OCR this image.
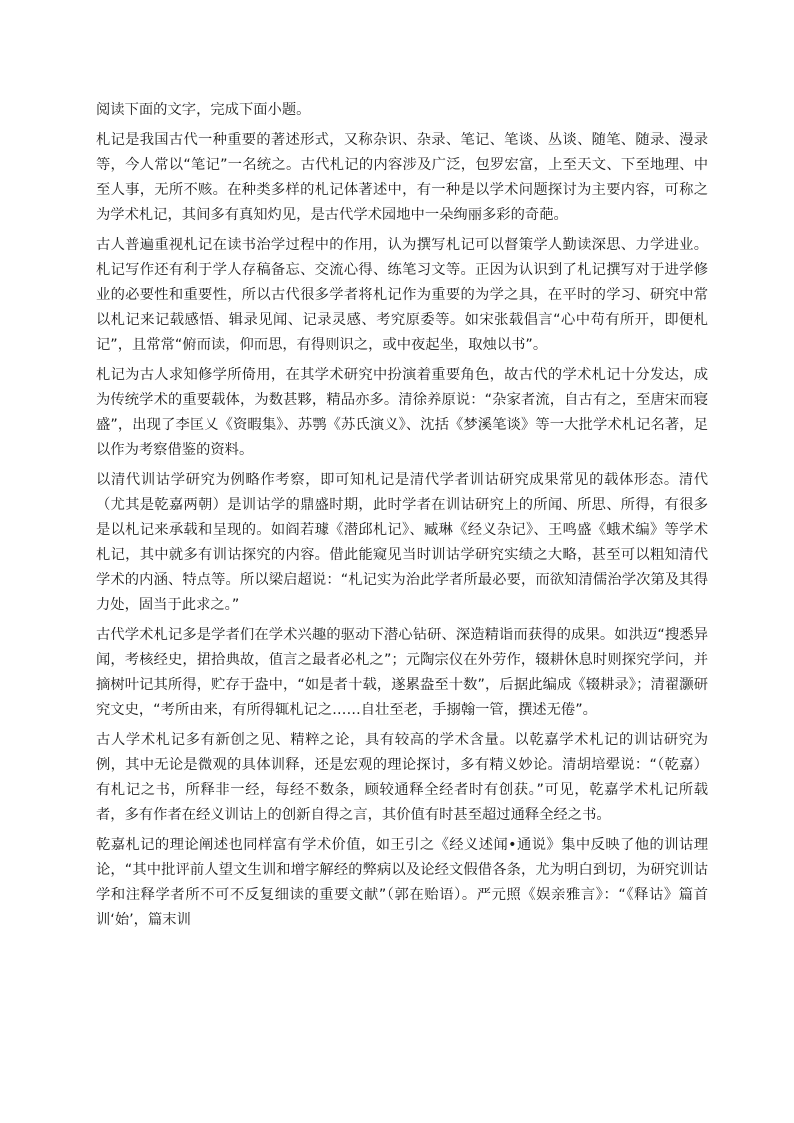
阅读下面的文字，完成下面小题。

札记是我国古代一种重要的著述形式，又称杂识、杂录、笔记、笔谈、丛谈、随笔、随录、漫录等，今人常以“笔记”一名统之。古代札记的内容涉及广泛，包罗宏富，上至天文、下至地理、中至人事，无所不赅。在种类多样的札记体著述中，有一种是以学术问题探讨为主要内容，可称之为学术札记，其间多有真知灼见，是古代学术园地中一朵绚丽多彩的奇葩。

古人普遍重视札记在读书治学过程中的作用，认为撰写札记可以督策学人勤读深思、力学进业。札记写作还有利于学人存稿备忘、交流心得、练笔习文等。正因为认识到了札记撰写对于进学修业的必要性和重要性，所以古代很多学者将札记作为重要的为学之具，在平时的学习、研究中常以札记来记载感悟、辑录见闻、记录灵感、考究原委等。如宋张载倡言“心中苟有所开，即便札记”，且常常“俯而读，仰而思，有得则识之，或中夜起坐，取烛以书”。

札记为古人求知修学所倚用，在其学术研究中扮演着重要角色，故古代的学术札记十分发达，成为传统学术的重要载体，为数甚夥，精品亦多。清徐养原说：“杂家者流，自古有之，至唐宋而寝盛”，出现了李匡乂《资暇集》、苏鹗《苏氏演义》、沈括《梦溪笔谈》等一大批学术札记名著，足以作为考察借鉴的资料。

以清代训诂学研究为例略作考察，即可知札记是清代学者训诂研究成果常见的载体形态。清代（尤其是乾嘉两朝）是训诂学的鼎盛时期，此时学者在训诂研究上的所闻、所思、所得，有很多是以札记来承载和呈现的。如阎若璩《潜邱札记》、臧琳《经义杂记》、王鸣盛《蛾术编》等学术札记，其中就多有训诂探究的内容。借此能窥见当时训诂学研究实绩之大略，甚至可以粗知清代学术的内涵、特点等。所以梁启超说：“札记实为治此学者所最必要，而欲知清儒治学次第及其得力处，固当于此求之。”

古代学术札记多是学者们在学术兴趣的驱动下潜心钻研、深造精诣而获得的成果。如洪迈“搜悉异闻，考核经史，捃拾典故，值言之最者必札之”；元陶宗仪在外劳作，辍耕休息时则探究学问，并摘树叶记其所得，贮存于盎中，“如是者十载，遂累盎至十数”，后据此编成《辍耕录》；清翟灏研究文史，“考所由来，有所得辄札记之……自壮至老，手搦翰一管，撰述无倦”。

古人学术札记多有新创之见、精粹之论，具有较高的学术含量。以乾嘉学术札记的训诂研究为例，其中无论是微观的具体训释，还是宏观的理论探讨，多有精义妙论。清胡培翚说：“（乾嘉）有札记之书，所释非一经，每经不数条，顾较通释全经者时有创获。”可见，乾嘉学术札记所载者，多有作者在经义训诂上的创新自得之言，其价值有时甚至超过通释全经之书。

乾嘉札记的理论阐述也同样富有学术价值，如王引之《经义述闻•通说》集中反映了他的训诂理论，“其中批评前人望文生训和增字解经的弊病以及论经文假借各条，尤为明白到切，为研究训诂学和注释学者所不可不反复细读的重要文献”（郭在贻语）。严元照《娱亲雅言》：“《释诂》篇首训‘始’，篇末训
